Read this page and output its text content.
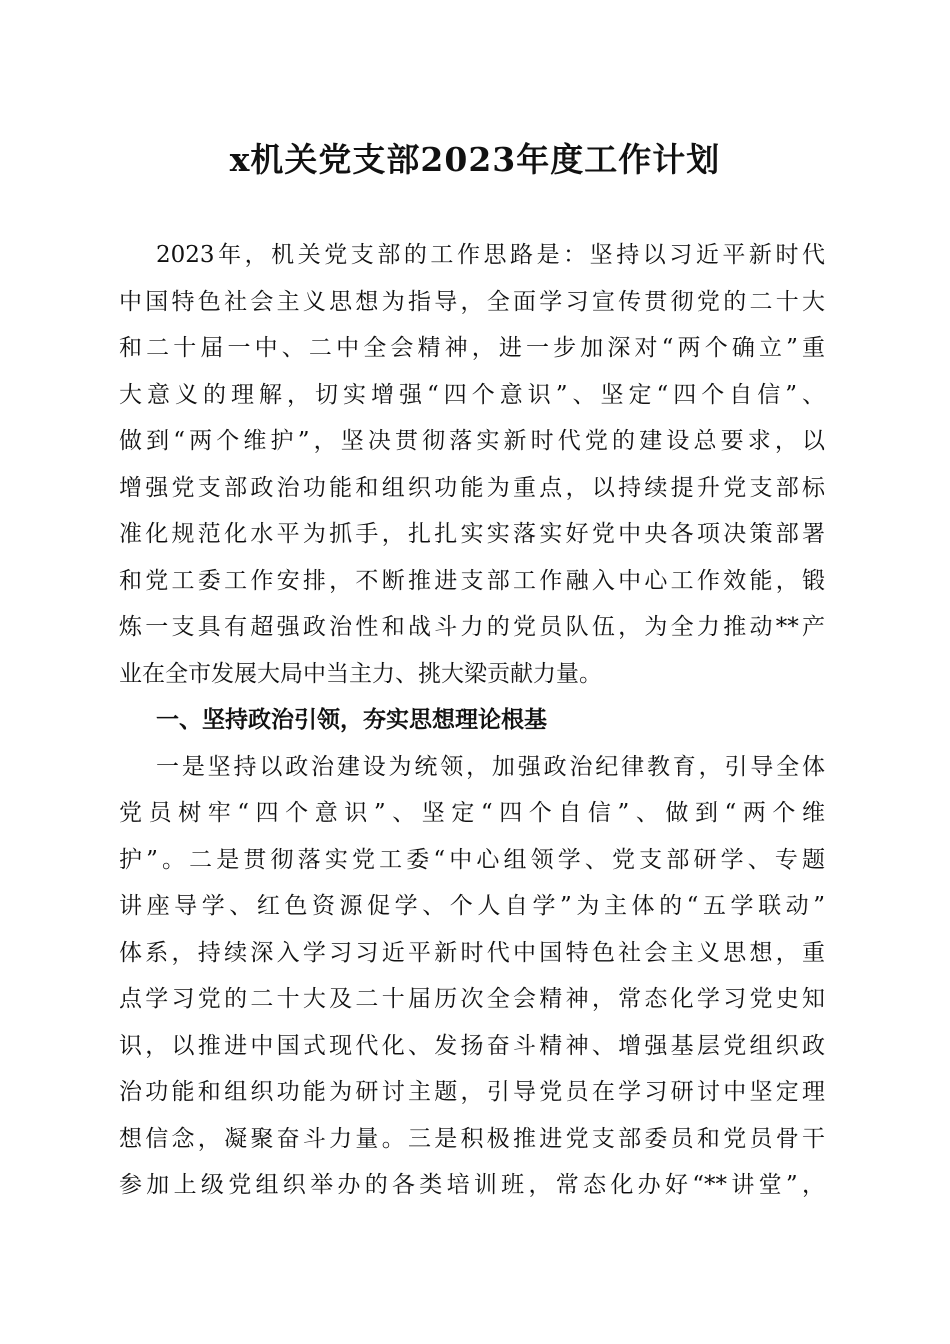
x机关党支部2023年度工作计划
2023年，机关党支部的工作思路是：坚持以习近平新时代
中国特色社会主义思想为指导，全面学习宣传贯彻党的二十大
和二十届一中、二中全会精神，进一步加深对“两个确立”重
大意义的理解，切实增强“四个意识”、坚定“四个自信”、
做到“两个维护”，坚决贯彻落实新时代党的建设总要求，以
增强党支部政治功能和组织功能为重点，以持续提升党支部标
准化规范化水平为抓手，扎扎实实落实好党中央各项决策部署
和党工委工作安排，不断推进支部工作融入中心工作效能，锻
炼一支具有超强政治性和战斗力的党员队伍，为全力推动**产
业在全市发展大局中当主力、挑大梁贡献力量。
一、坚持政治引领，夯实思想理论根基
一是坚持以政治建设为统领，加强政治纪律教育，引导全体
党员树牢“四个意识”、坚定“四个自信”、做到“两个维
护”。二是贯彻落实党工委“中心组领学、党支部研学、专题
讲座导学、红色资源促学、个人自学”为主体的“五学联动”
体系，持续深入学习习近平新时代中国特色社会主义思想，重
点学习党的二十大及二十届历次全会精神，常态化学习党史知
识，以推进中国式现代化、发扬奋斗精神、增强基层党组织政
治功能和组织功能为研讨主题，引导党员在学习研讨中坚定理
想信念，凝聚奋斗力量。三是积极推进党支部委员和党员骨干
参加上级党组织举办的各类培训班，常态化办好“**讲堂”，
